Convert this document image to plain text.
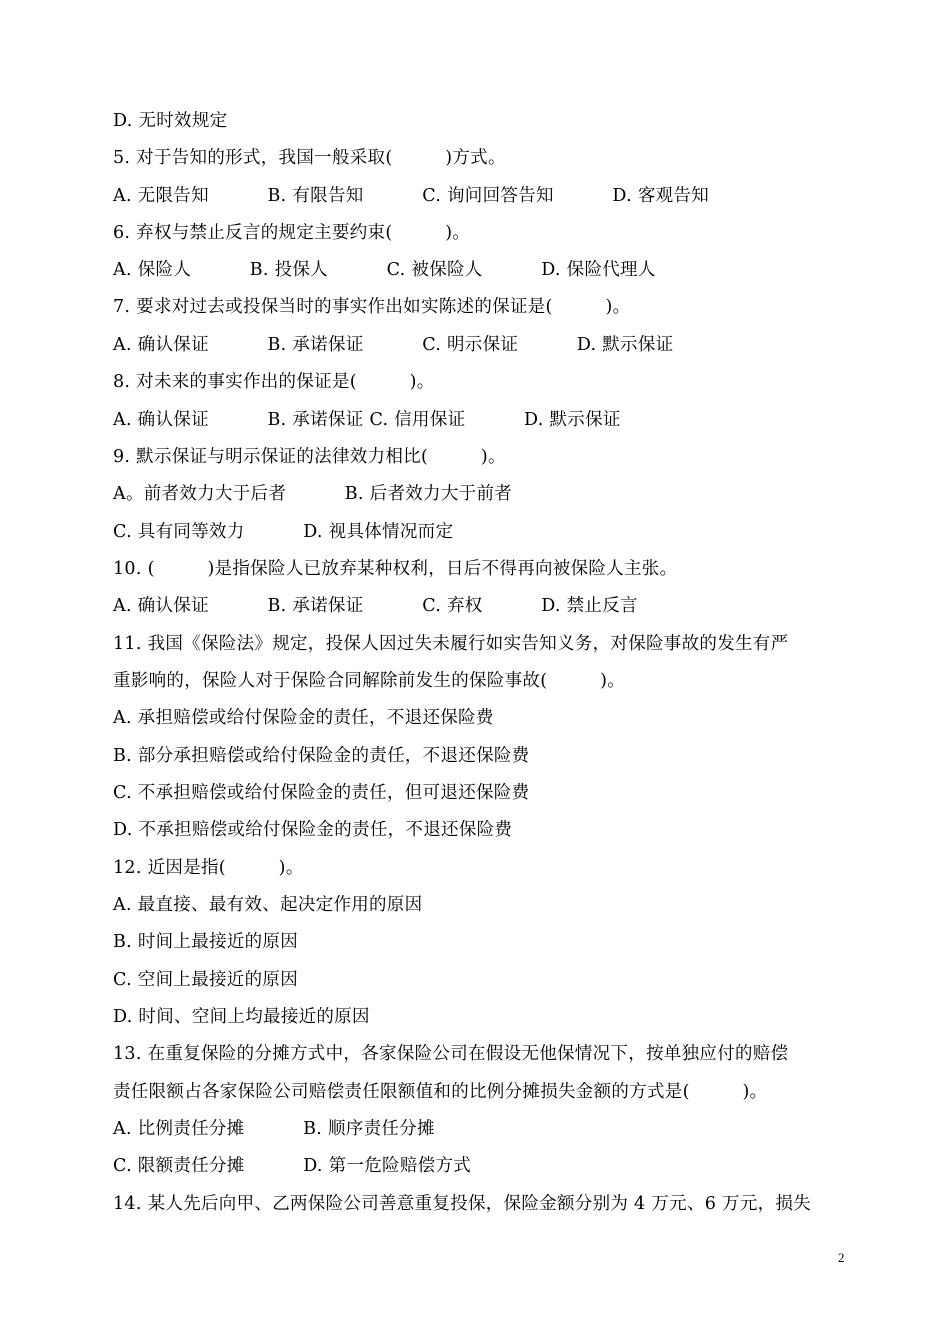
D. 无时效规定
5. 对于告知的形式，我国一般采取(         )方式。
A. 无限告知          B. 有限告知          C. 询问回答告知          D. 客观告知
6. 弃权与禁止反言的规定主要约束(         )。
A. 保险人          B. 投保人          C. 被保险人          D. 保险代理人
7. 要求对过去或投保当时的事实作出如实陈述的保证是(         )。
A. 确认保证          B. 承诺保证          C. 明示保证          D. 默示保证
8. 对未来的事实作出的保证是(         )。
A. 确认保证          B. 承诺保证 C. 信用保证          D. 默示保证
9. 默示保证与明示保证的法律效力相比(         )。
A。前者效力大于后者          B. 后者效力大于前者
C. 具有同等效力          D. 视具体情况而定
10. (         )是指保险人已放弃某种权利，日后不得再向被保险人主张。
A. 确认保证          B. 承诺保证          C. 弃权          D. 禁止反言
11. 我国《保险法》规定，投保人因过失未履行如实告知义务，对保险事故的发生有严
重影响的，保险人对于保险合同解除前发生的保险事故(         )。
A. 承担赔偿或给付保险金的责任，不退还保险费
B. 部分承担赔偿或给付保险金的责任，不退还保险费
C. 不承担赔偿或给付保险金的责任，但可退还保险费
D. 不承担赔偿或给付保险金的责任，不退还保险费
12. 近因是指(         )。
A. 最直接、最有效、起决定作用的原因
B. 时间上最接近的原因
C. 空间上最接近的原因
D. 时间、空间上均最接近的原因
13. 在重复保险的分摊方式中，各家保险公司在假设无他保情况下，按单独应付的赔偿
责任限额占各家保险公司赔偿责任限额值和的比例分摊损失金额的方式是(         )。
A. 比例责任分摊          B. 顺序责任分摊
C. 限额责任分摊          D. 第一危险赔偿方式
14. 某人先后向甲、乙两保险公司善意重复投保，保险金额分别为 4 万元、6 万元，损失
2
